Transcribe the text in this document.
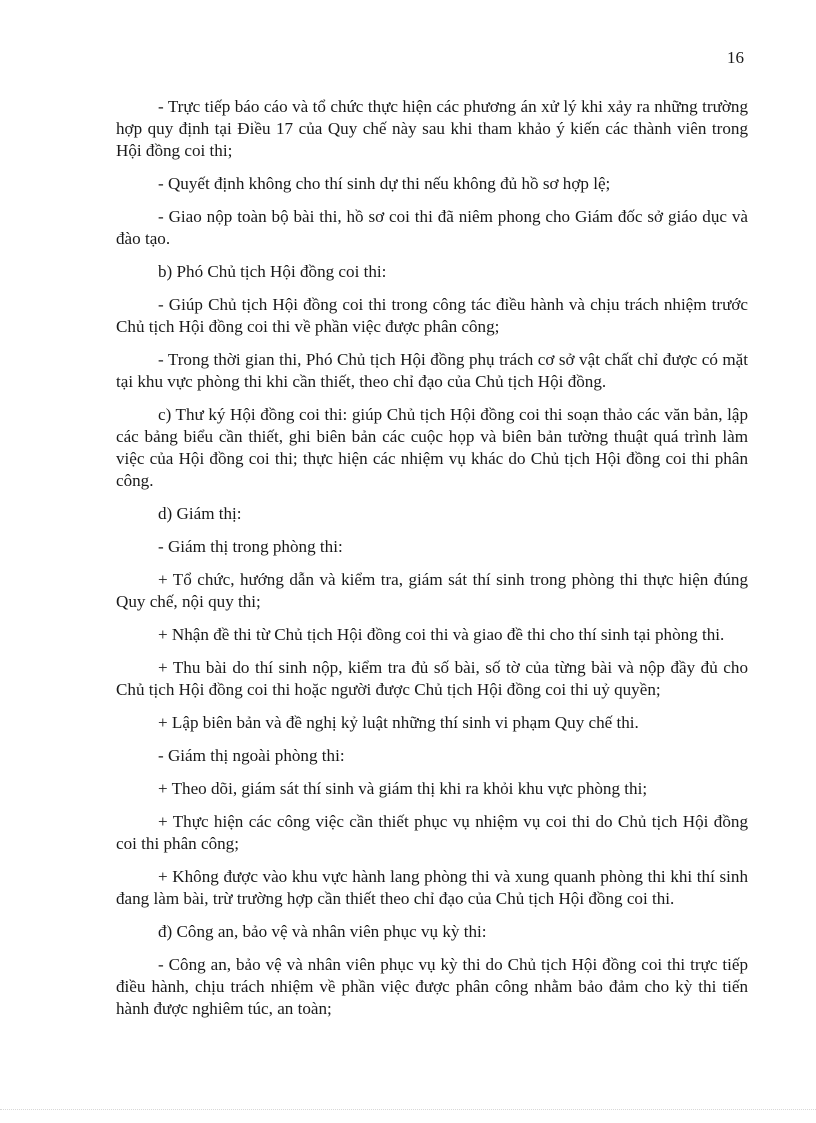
16

- Trực tiếp báo cáo và tổ chức thực hiện các phương án xử lý khi xảy ra những trường hợp quy định tại Điều 17 của Quy chế này sau khi tham khảo ý kiến các thành viên trong Hội đồng coi thi;

- Quyết định không cho thí sinh dự thi nếu không đủ hồ sơ hợp lệ;

- Giao nộp toàn bộ bài thi, hồ sơ coi thi đã niêm phong cho Giám đốc sở giáo dục và đào tạo.

b) Phó Chủ tịch Hội đồng coi thi:

- Giúp Chủ tịch Hội đồng coi thi trong công tác điều hành và chịu trách nhiệm trước Chủ tịch Hội đồng coi thi về phần việc được phân công;

- Trong thời gian thi, Phó Chủ tịch Hội đồng phụ trách cơ sở vật chất chỉ được có mặt tại khu vực phòng thi khi cần thiết, theo chỉ đạo của Chủ tịch Hội đồng.

c) Thư ký Hội đồng coi thi: giúp Chủ tịch Hội đồng coi thi soạn thảo các văn bản, lập các bảng biểu cần thiết, ghi biên bản các cuộc họp và biên bản tường thuật quá trình làm việc của Hội đồng coi thi; thực hiện các nhiệm vụ khác do Chủ tịch Hội đồng coi thi phân công.

d) Giám thị:

- Giám thị trong phòng thi:

+ Tổ chức, hướng dẫn và kiểm tra, giám sát thí sinh trong phòng thi thực hiện đúng Quy chế, nội quy thi;

+ Nhận đề thi từ Chủ tịch Hội đồng coi thi và giao đề thi cho thí sinh tại phòng thi.

+ Thu bài do thí sinh nộp, kiểm tra đủ số bài, số tờ của từng bài và nộp đầy đủ cho Chủ tịch Hội đồng coi thi hoặc người được Chủ tịch Hội đồng coi thi uỷ quyền;

+ Lập biên bản và đề nghị kỷ luật những thí sinh vi phạm Quy chế thi.

- Giám thị ngoài phòng thi:

+ Theo dõi, giám sát thí sinh và giám thị khi ra khỏi khu vực phòng thi;

+ Thực hiện các công việc cần thiết phục vụ nhiệm vụ coi thi do Chủ tịch Hội đồng coi thi phân công;

+ Không được vào khu vực hành lang phòng thi và xung quanh phòng thi khi thí sinh đang làm bài, trừ trường hợp cần thiết theo chỉ đạo của Chủ tịch Hội đồng coi thi.

đ) Công an, bảo vệ và nhân viên phục vụ kỳ thi:

- Công an, bảo vệ và nhân viên phục vụ kỳ thi do Chủ tịch Hội đồng coi thi trực tiếp điều hành, chịu trách nhiệm về phần việc được phân công nhằm bảo đảm cho kỳ thi tiến hành được nghiêm túc, an toàn;
